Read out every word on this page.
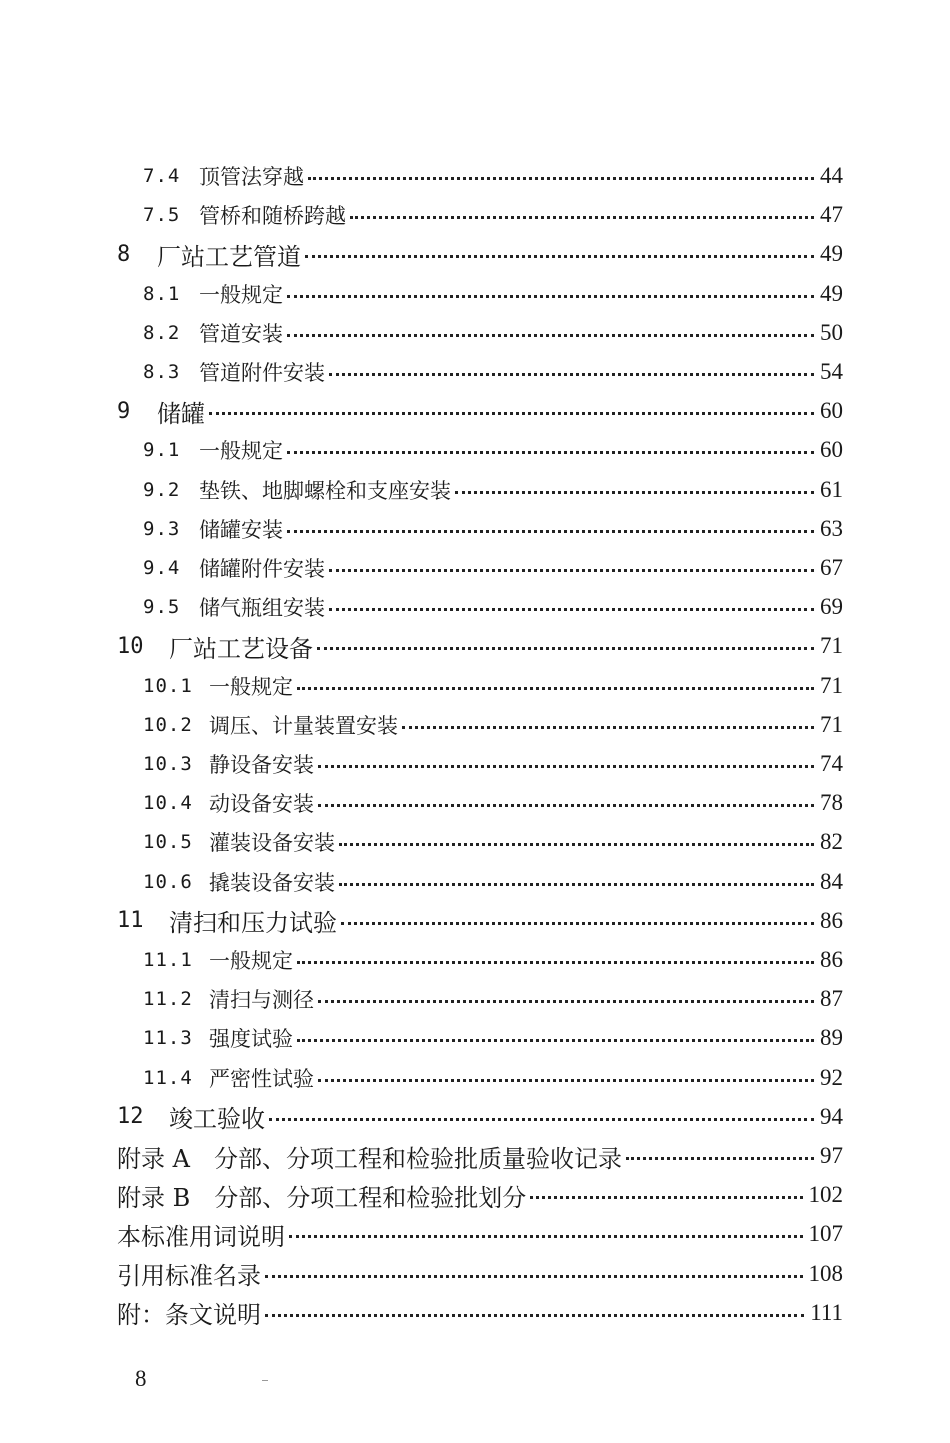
7.4 顶管法穿越	44
7.5 管桥和随桥跨越	47
8	厂站工艺管道	49
8.1 一般规定	49
8.2 管道安装	50
8.3 管道附件安装	54
9	储罐	60
9.1 一般规定	60
9.2 垫铁、地脚螺栓和支座安装	61
9.3 储罐安装	63
9.4 储罐附件安装	67
9.5 储气瓶组安装	69
10	厂站工艺设备	71
10.1 一般规定	71
10.2 调压、计量装置安装	71
10.3 静设备安装	74
10.4 动设备安装	78
10.5 灌装设备安装	82
10.6 撬装设备安装	84
11	清扫和压力试验	86
11.1 一般规定	86
11.2 清扫与测径	87
11.3 强度试验	89
11.4 严密性试验	92
12	竣工验收	94
附录 A 分部、分项工程和检验批质量验收记录	97
附录 B 分部、分项工程和检验批划分	102
本标准用词说明	107
引用标准名录	108
附：条文说明	111
8
